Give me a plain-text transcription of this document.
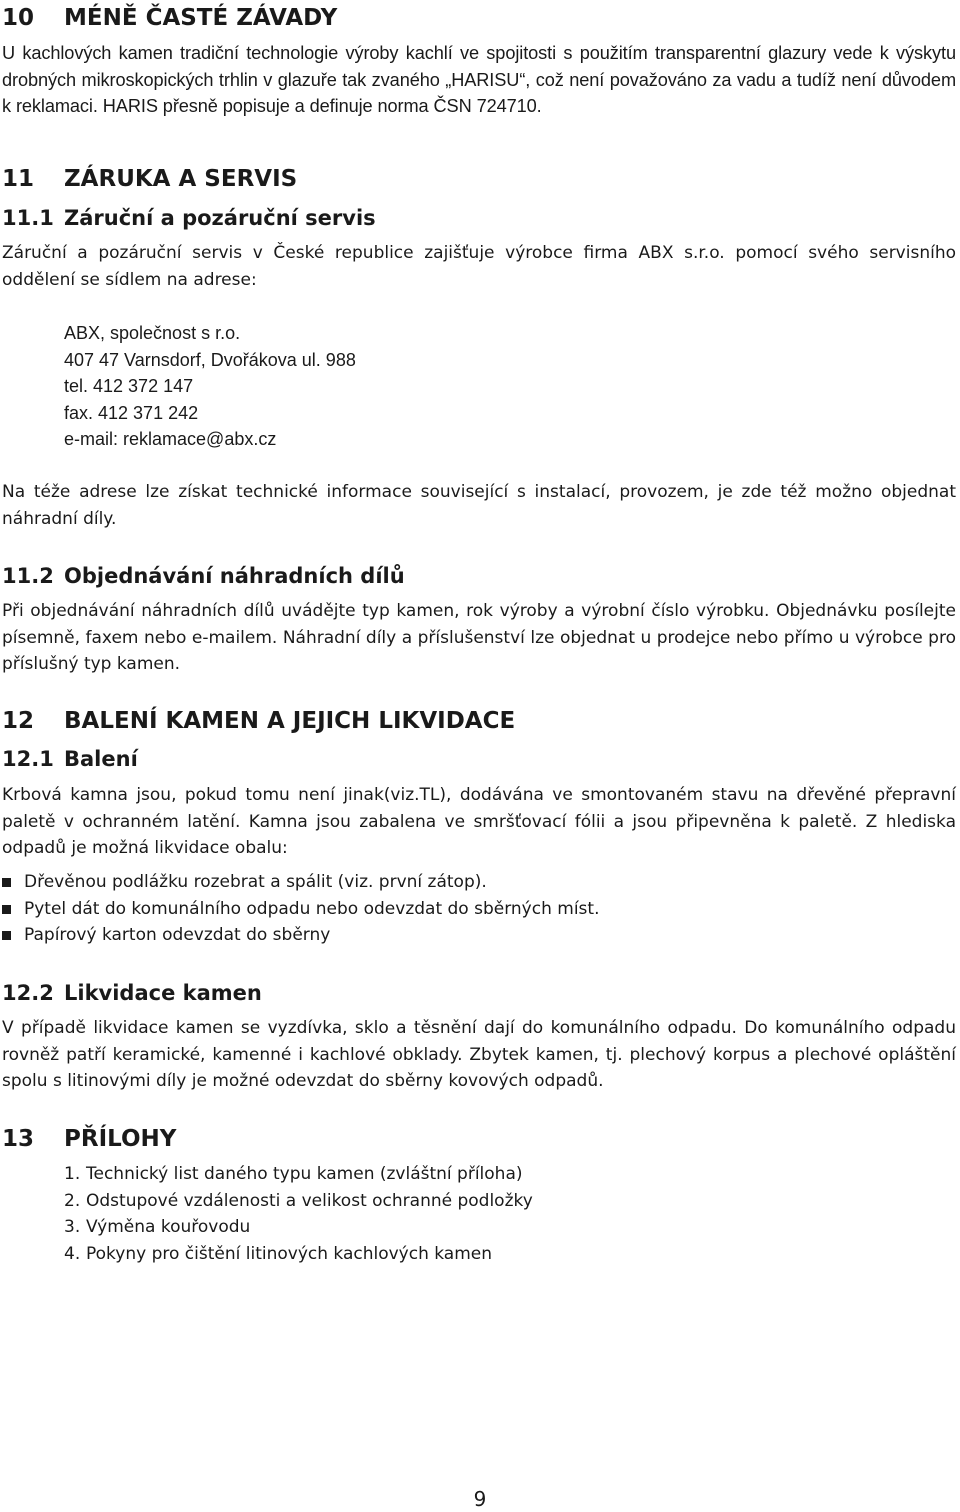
10 MÉNĚ ČASTÉ ZÁVADY
U kachlových kamen tradiční technologie výroby kachlí ve spojitosti s použitím transparentní glazury vede k výskytu drobných mikroskopických trhlin v glazuře tak zvaného „HARISU“, což není považováno za vadu a tudíž není důvodem k reklamaci. HARIS přesně popisuje a definuje norma ČSN 724710.
11 ZÁRUKA A SERVIS
11.1 Záruční a pozáruční servis
Záruční a pozáruční servis v České republice zajišťuje výrobce firma ABX s.r.o. pomocí svého servisního oddělení se sídlem na adrese:
ABX, společnost s r.o.
407 47 Varnsdorf, Dvořákova ul. 988
tel. 412 372 147
fax. 412 371 242
e-mail: reklamace@abx.cz
Na téže adrese lze získat technické informace související s instalací, provozem, je zde též možno objednat náhradní díly.
11.2 Objednávání náhradních dílů
Při objednávání náhradních dílů uvádějte typ kamen, rok výroby a výrobní číslo výrobku. Objednávku posílejte písemně, faxem nebo e-mailem. Náhradní díly a příslušenství lze objednat u prodejce nebo přímo u výrobce pro příslušný typ kamen.
12 BALENÍ KAMEN A JEJICH LIKVIDACE
12.1 Balení
Krbová kamna jsou, pokud tomu není jinak(viz.TL), dodávána ve smontovaném stavu na dřevěné přepravní paletě v ochranném latění. Kamna jsou zabalena ve smršťovací fólii a jsou připevněna k paletě. Z hlediska odpadů je možná likvidace obalu:
Dřevěnou podlážku rozebrat a spálit (viz. první zátop).
Pytel dát do komunálního odpadu nebo odevzdat do sběrných míst.
Papírový karton odevzdat do sběrny
12.2 Likvidace kamen
V případě likvidace kamen se vyzdívka, sklo a těsnění dají do komunálního odpadu. Do komunálního odpadu rovněž patří keramické, kamenné i kachlové obklady. Zbytek kamen, tj. plechový korpus a plechové opláštění spolu s litinovými díly je možné odevzdat do sběrny kovových odpadů.
13 PŘÍLOHY
1. Technický list daného typu kamen (zvláštní příloha)
2. Odstupové vzdálenosti a velikost ochranné podložky
3. Výměna kouřovodu
4. Pokyny pro čištění litinových kachlových kamen
9
